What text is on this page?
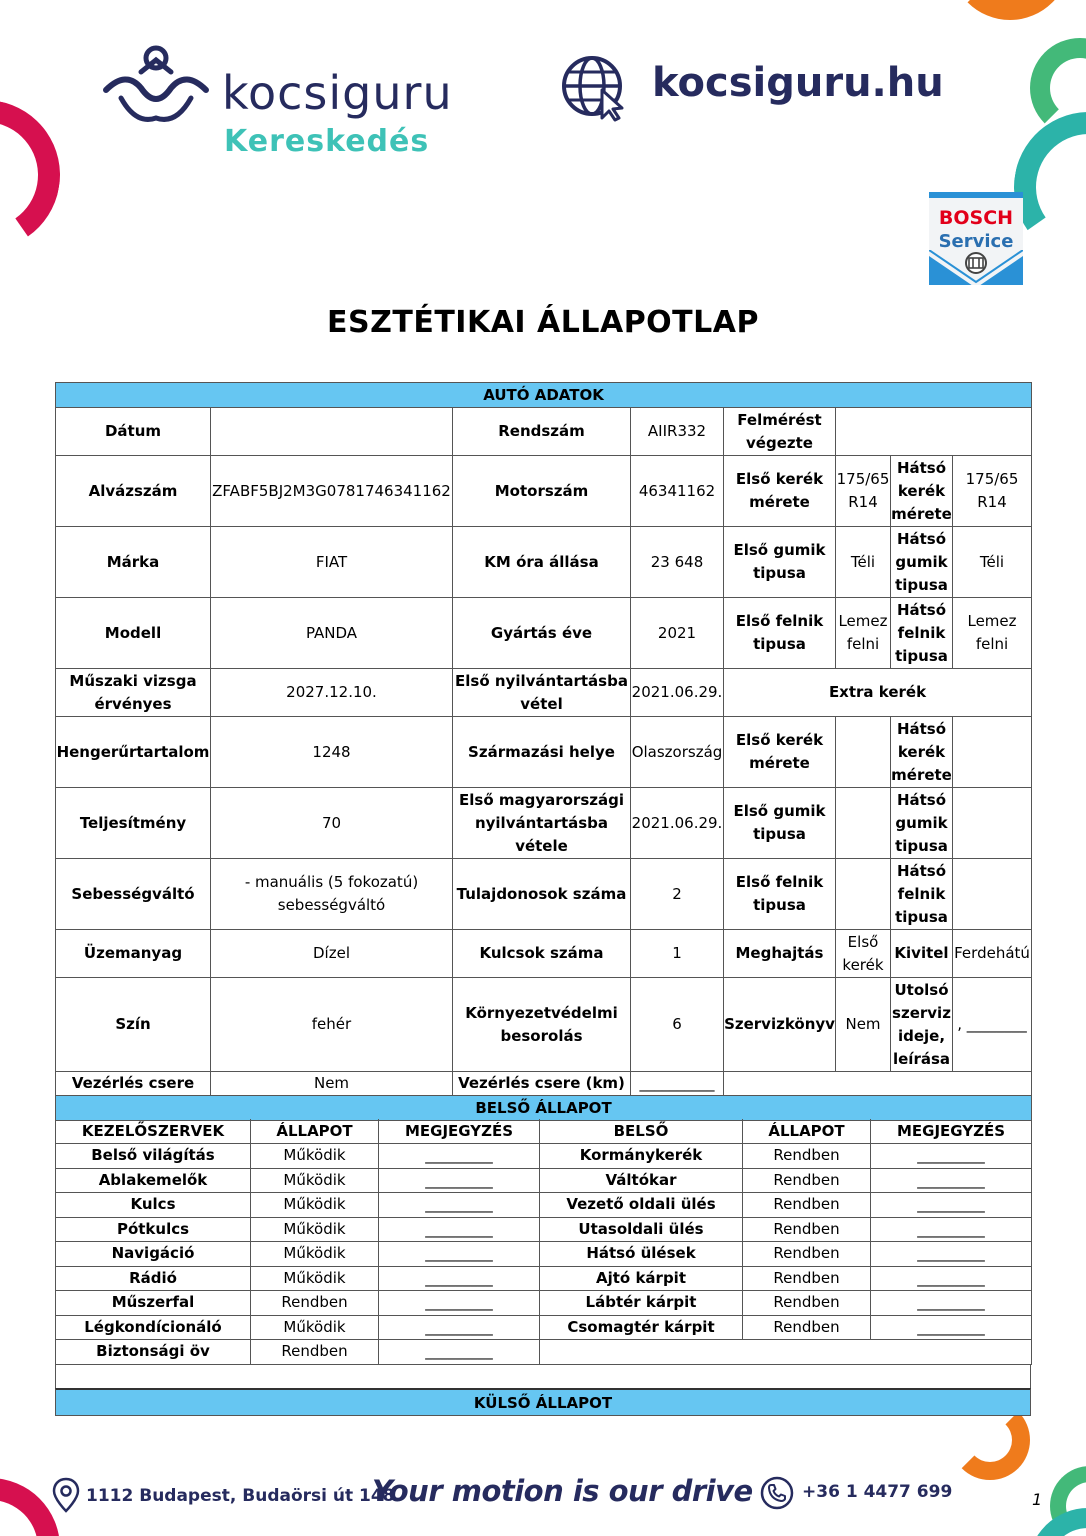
kocsiguru
Kereskedés
kocsiguru.hu
BOSCH
Service
ESZTÉTIKAI ÁLLAPOTLAP
AUTÓ ADATOK							
Dátum		Rendszám	AIIR332	Felmérést végezte			
Alvázszám	ZFABF5BJ2M3G0781746341162	Motorszám	46341162	Első kerék mérete	175/65 R14	Hátsó kerék mérete	175/65 R14
Márka	FIAT	KM óra állása	23 648	Első gumik tipusa	Téli	Hátsó gumik tipusa	Téli
Modell	PANDA	Gyártás éve	2021	Első felnik tipusa	Lemez felni	Hátsó felnik tipusa	Lemez felni
Műszaki vizsga érvényes	2027.12.10.	Első nyilvántartásba vétel	2021.06.29.	Extra kerék			
Hengerűrtartalom	1248	Származási helye	Olaszország	Első kerék mérete		Hátsó kerék mérete	
Teljesítmény	70	Első magyarországi nyilvántartásba vétele	2021.06.29.	Első gumik tipusa		Hátsó gumik tipusa	
Sebességváltó	- manuális (5 fokozatú) sebességváltó	Tulajdonosok száma	2	Első felnik tipusa		Hátsó felnik tipusa	
Üzemanyag	Dízel	Kulcsok száma	1	Meghajtás	Első kerék	Kivitel	Ferdehátú
Szín	fehér	Környezetvédelmi besorolás	6	Szervizkönyv	Nem	Utolsó szerviz ideje, leírása	, ________
Vezérlés csere	Nem	Vezérlés csere (km)	__________				
BELSŐ ÁLLAPOT							
KEZELŐSZERVEK	ÁLLAPOT	MEGJEGYZÉS	BELSŐ	ÁLLAPOT	MEGJEGYZÉS
Belső világítás	Működik	_________	Kormánykerék	Rendben	_________
Ablakemelők	Működik	_________	Váltókar	Rendben	_________
Kulcs	Működik	_________	Vezető oldali ülés	Rendben	_________
Pótkulcs	Működik	_________	Utasoldali ülés	Rendben	_________
Navigáció	Működik	_________	Hátsó ülések	Rendben	_________
Rádió	Működik	_________	Ajtó kárpit	Rendben	_________
Műszerfal	Rendben	_________	Lábtér kárpit	Rendben	_________
Légkondícionáló	Működik	_________	Csomagtér kárpit	Rendben	_________
Biztonsági öv	Rendben	_________			
KÜLSŐ ÁLLAPOT
1112 Budapest, Budaörsi út 148.
Your motion is our drive	+36 1 4477 699	1
